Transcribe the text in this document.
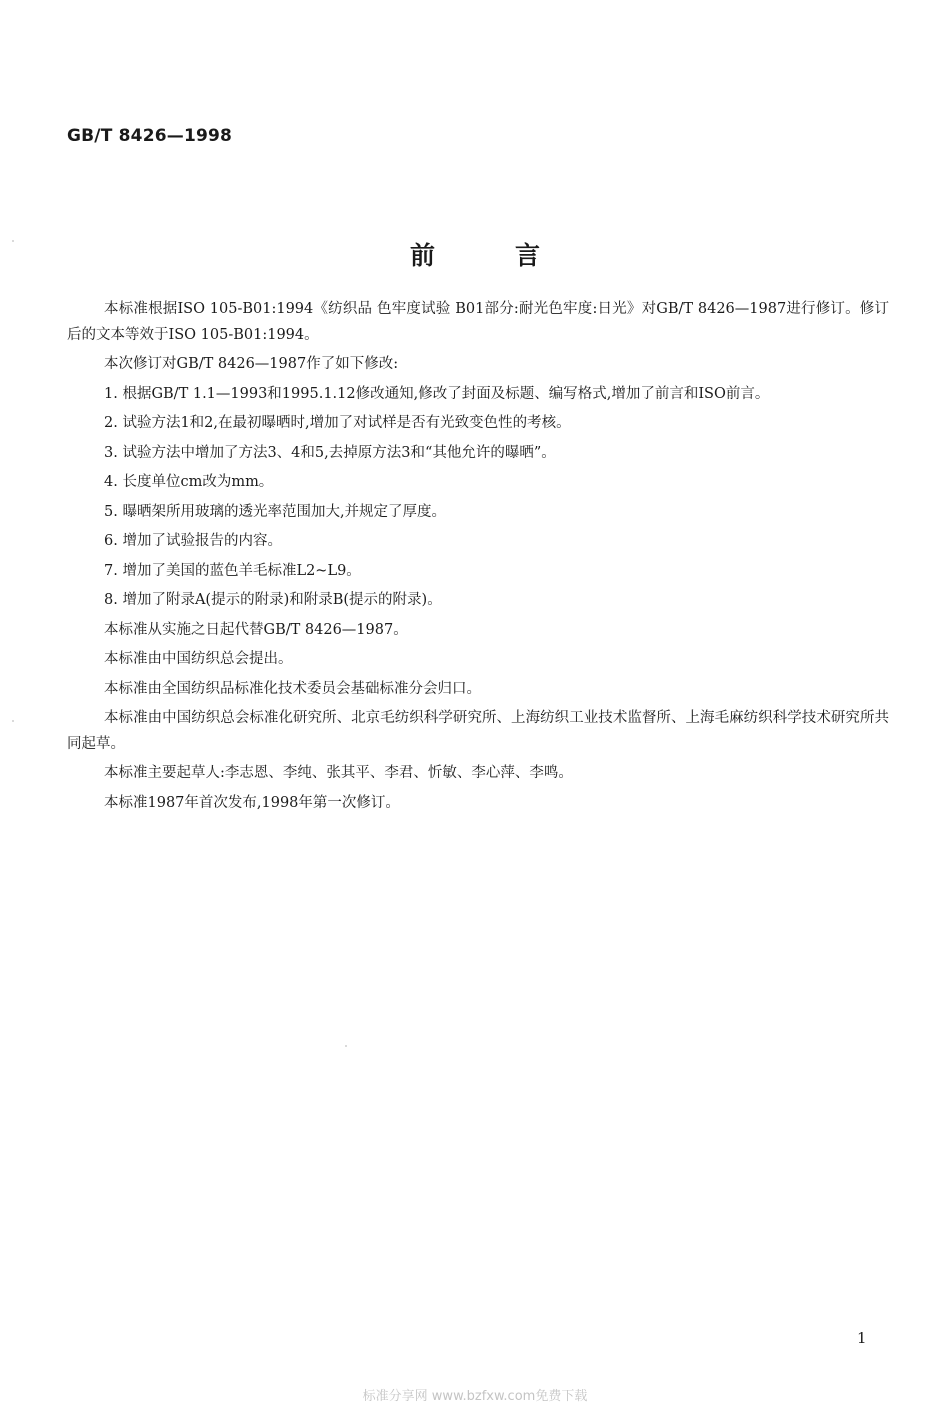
GB/T 8426—1998
前言

本标准根据ISO 105-B01:1994《纺织品 色牢度试验 B01部分:耐光色牢度:日光》对GB/T 8426—1987进行修订。修订后的文本等效于ISO 105-B01:1994。

本次修订对GB/T 8426—1987作了如下修改:

1. 根据GB/T 1.1—1993和1995.1.12修改通知,修改了封面及标题、编写格式,增加了前言和ISO前言。

2. 试验方法1和2,在最初曝晒时,增加了对试样是否有光致变色性的考核。

3. 试验方法中增加了方法3、4和5,去掉原方法3和“其他允许的曝晒”。

4. 长度单位cm改为mm。

5. 曝晒架所用玻璃的透光率范围加大,并规定了厚度。

6. 增加了试验报告的内容。

7. 增加了美国的蓝色羊毛标准L2~L9。

8. 增加了附录A(提示的附录)和附录B(提示的附录)。

本标准从实施之日起代替GB/T 8426—1987。

本标准由中国纺织总会提出。

本标准由全国纺织品标准化技术委员会基础标准分会归口。

本标准由中国纺织总会标准化研究所、北京毛纺织科学研究所、上海纺织工业技术监督所、上海毛麻纺织科学技术研究所共同起草。

本标准主要起草人:李志恩、李纯、张其平、李君、忻敏、李心萍、李鸣。

本标准1987年首次发布,1998年第一次修订。

1
标准分享网 www.bzfxw.com免费下载
